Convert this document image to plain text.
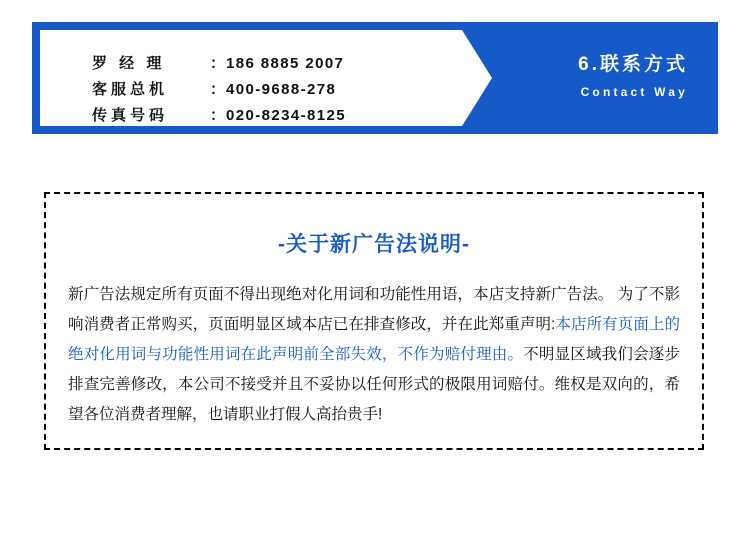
罗 经 理	： 186 8885 2007
客服总机	： 400-9688-278
传真号码	： 020-8234-8125
6.联系方式
Contact Way
-关于新广告法说明-
新广告法规定所有页面不得出现绝对化用词和功能性用语，本店支持新广告法。 为了不影响消费者正常购买，页面明显区域本店已在排查修改，并在此郑重声明:本店所有页面上的绝对化用词与功能性用词在此声明前全部失效，不作为赔付理由。不明显区域我们会逐步排查完善修改，本公司不接受并且不妥协以任何形式的极限用词赔付。维权是双向的，希望各位消费者理解，也请职业打假人高抬贵手!
